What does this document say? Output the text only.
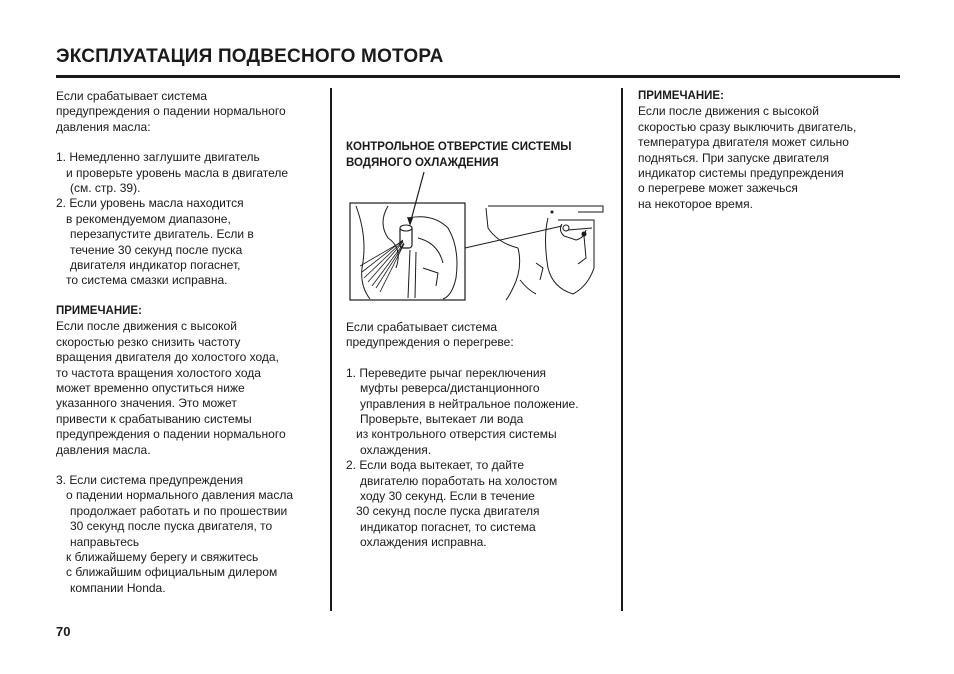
ЭКСПЛУАТАЦИЯ ПОДВЕСНОГО МОТОРА

Если срабатывает система

предупреждения о падении нормального

давления масла:

1. Немедленно заглушите двигатель

и проверьте уровень масла в двигателе

(см. стр. 39).

2. Если уровень масла находится

в рекомендуемом диапазоне,

перезапустите двигатель. Если в

течение 30 секунд после пуска

двигателя индикатор погаснет,

то система смазки исправна.

ПРИМЕЧАНИЕ:

Если после движения с высокой

скоростью резко снизить частоту

вращения двигателя до холостого хода,

то частота вращения холостого хода

может временно опуститься ниже

указанного значения. Это может

привести к срабатыванию системы

предупреждения о падении нормального

давления масла.

3. Если система предупреждения

о падении нормального давления масла

продолжает работать и по прошествии

30 секунд после пуска двигателя, то

направьтесь

к ближайшему берегу и свяжитесь

с ближайшим официальным дилером

компании Honda.

КОНТРОЛЬНОЕ ОТВЕРСТИЕ СИСТЕМЫ
ВОДЯНОГО ОХЛАЖДЕНИЯ

Если срабатывает система

предупреждения о перегреве:

1. Переведите рычаг переключения

муфты реверса/дистанционного

управления в нейтральное положение.

Проверьте, вытекает ли вода

из контрольного отверстия системы

охлаждения.

2. Если вода вытекает, то дайте

двигателю поработать на холостом

ходу 30 секунд. Если в течение

30 секунд после пуска двигателя

индикатор погаснет, то система

охлаждения исправна.

ПРИМЕЧАНИЕ:

Если после движения с высокой

скоростью сразу выключить двигатель,

температура двигателя может сильно

подняться. При запуске двигателя

индикатор системы предупреждения

о перегреве может зажечься

на некоторое время.

70
